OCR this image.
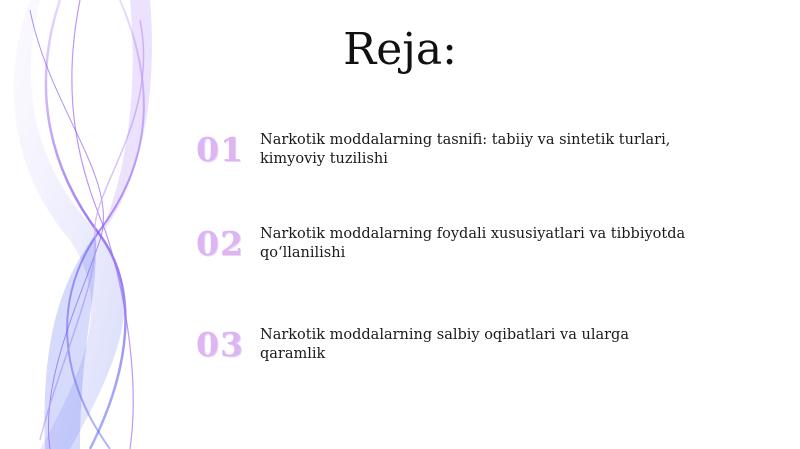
Reja:
01	Narkotik moddalarning tasnifi: tabiiy va sintetik turlari, kimyoviy tuzilishi
02	Narkotik moddalarning foydali xususiyatlari va tibbiyotda qo‘llanilishi
03	Narkotik moddalarning salbiy oqibatlari va ularga qaramlik
